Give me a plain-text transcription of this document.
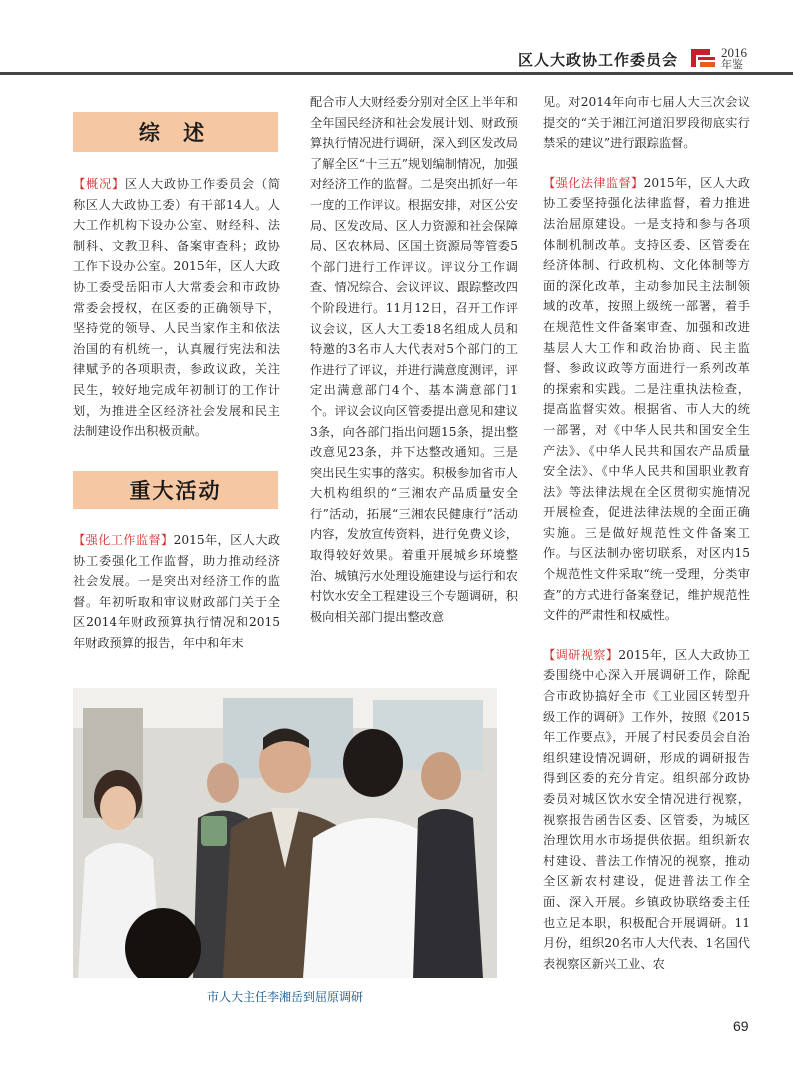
区人大政协工作委员会	2016
年鉴
综 述

【概况】区人大政协工作委员会（简称区人大政协工委）有干部14人。人大工作机构下设办公室、财经科、法制科、文教卫科、备案审查科；政协工作下设办公室。2015年，区人大政协工委受岳阳市人大常委会和市政协常委会授权，在区委的正确领导下，坚持党的领导、人民当家作主和依法治国的有机统一，认真履行宪法和法律赋予的各项职责，参政议政，关注民生，较好地完成年初制订的工作计划，为推进全区经济社会发展和民主法制建设作出积极贡献。

重大活动

【强化工作监督】2015年，区人大政协工委强化工作监督，助力推动经济社会发展。一是突出对经济工作的监督。年初听取和审议财政部门关于全区2014年财政预算执行情况和2015年财政预算的报告，年中和年末

配合市人大财经委分别对全区上半年和全年国民经济和社会发展计划、财政预算执行情况进行调研，深入到区发改局了解全区“十三五”规划编制情况，加强对经济工作的监督。二是突出抓好一年一度的工作评议。根据安排，对区公安局、区发改局、区人力资源和社会保障局、区农林局、区国土资源局等管委5个部门进行工作评议。评议分工作调查、情况综合、会议评议、跟踪整改四个阶段进行。11月12日，召开工作评议会议，区人大工委18名组成人员和特邀的3名市人大代表对5个部门的工作进行了评议，并进行满意度测评，评定出满意部门4个、基本满意部门1个。评议会议向区管委提出意见和建议3条，向各部门指出问题15条，提出整改意见23条，并下达整改通知。三是突出民生实事的落实。积极参加省市人大机构组织的“三湘农产品质量安全行”活动，拓展“三湘农民健康行”活动内容，发放宣传资料，进行免费义诊，取得较好效果。着重开展城乡环境整治、城镇污水处理设施建设与运行和农村饮水安全工程建设三个专题调研，积极向相关部门提出整改意

见。对2014年向市七届人大三次会议提交的“关于湘江河道汨罗段彻底实行禁采的建议”进行跟踪监督。

【强化法律监督】2015年，区人大政协工委坚持强化法律监督，着力推进法治屈原建设。一是支持和参与各项体制机制改革。支持区委、区管委在经济体制、行政机构、文化体制等方面的深化改革，主动参加民主法制领域的改革，按照上级统一部署，着手在规范性文件备案审查、加强和改进基层人大工作和政治协商、民主监督、参政议政等方面进行一系列改革的探索和实践。二是注重执法检查，提高监督实效。根据省、市人大的统一部署，对《中华人民共和国安全生产法》、《中华人民共和国农产品质量安全法》、《中华人民共和国职业教育法》等法律法规在全区贯彻实施情况开展检查，促进法律法规的全面正确实施。三是做好规范性文件备案工作。与区法制办密切联系，对区内15个规范性文件采取“统一受理，分类审查”的方式进行备案登记，维护规范性文件的严肃性和权威性。

【调研视察】2015年，区人大政协工委围绕中心深入开展调研工作，除配合市政协搞好全市《工业园区转型升级工作的调研》工作外，按照《2015年工作要点》，开展了村民委员会自治组织建设情况调研，形成的调研报告得到区委的充分肯定。组织部分政协委员对城区饮水安全情况进行视察，视察报告函告区委、区管委，为城区治理饮用水市场提供依据。组织新农村建设、普法工作情况的视察，推动全区新农村建设，促进普法工作全面、深入开展。乡镇政协联络委主任也立足本职，积极配合开展调研。11月份，组织20名市人大代表、1名国代表视察区新兴工业、农

市人大主任李湘岳到屈原调研
69
